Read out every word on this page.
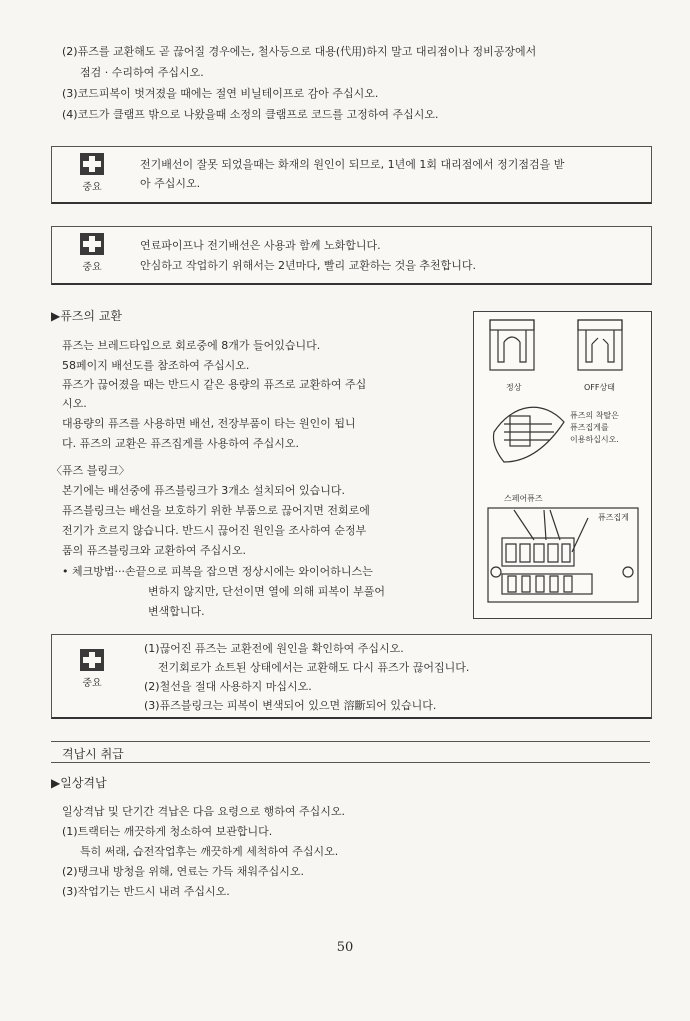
(2)퓨즈를 교환해도 곧 끊어질 경우에는, 철사등으로 대용(代用)하지 말고 대리점이나 정비공장에서
점검 · 수리하여 주십시오.
(3)코드피복이 벗겨졌을 때에는 절연 비닐테이프로 감아 주십시오.
(4)코드가 클램프 밖으로 나왔을때 소정의 클램프로 코드를 고정하여 주십시오.
중요
전기배선이 잘못 되었을때는 화재의 원인이 되므로, 1년에 1회 대리점에서 정기점검을 받
아 주십시오.
중요
연료파이프나 전기배선은 사용과 함께 노화합니다.
안심하고 작업하기 위해서는 2년마다, 빨리 교환하는 것을 추천합니다.
▶퓨즈의 교환
퓨즈는 브레드타입으로 회로중에 8개가 들어있습니다.
58페이지 배선도를 참조하여 주십시오.
퓨즈가 끊어졌을 때는 반드시 같은 용량의 퓨즈로 교환하여 주십
시오.
대용량의 퓨즈를 사용하면 배선, 전장부품이 타는 원인이 됩니
다. 퓨즈의 교환은 퓨즈집게를 사용하여 주십시오.
〈퓨즈 블링크〉
본기에는 배선중에 퓨즈블링크가 3개소 설치되어 있습니다.
퓨즈블링크는 배선을 보호하기 위한 부품으로 끊어지면 전회로에
전기가 흐르지 않습니다. 반드시 끊어진 원인을 조사하여 순정부
품의 퓨즈블링크와 교환하여 주십시오.
• 체크방법···손끝으로 피복을 잡으면 정상시에는 와이어하니스는
변하지 않지만, 단선이면 열에 의해 피복이 부풀어
변색합니다.
정상	OFF상태
퓨즈의 착탈은
퓨즈집게를
이용하십시오.
스페어퓨즈
퓨즈집게
중요
(1)끊어진 퓨즈는 교환전에 원인을 확인하여 주십시오.
전기회로가 쇼트된 상태에서는 교환해도 다시 퓨즈가 끊어집니다.
(2)철선을 절대 사용하지 마십시오.
(3)퓨즈블링크는 피복이 변색되어 있으면 溶斷되어 있습니다.
격납시 취급
▶일상격납
일상격납 및 단기간 격납은 다음 요령으로 행하여 주십시오.
(1)트랙터는 깨끗하게 청소하여 보관합니다.
특히 써래, 습전작업후는 깨끗하게 세척하여 주십시오.
(2)탱크내 방청을 위해, 연료는 가득 채워주십시오.
(3)작업기는 반드시 내려 주십시오.
50
